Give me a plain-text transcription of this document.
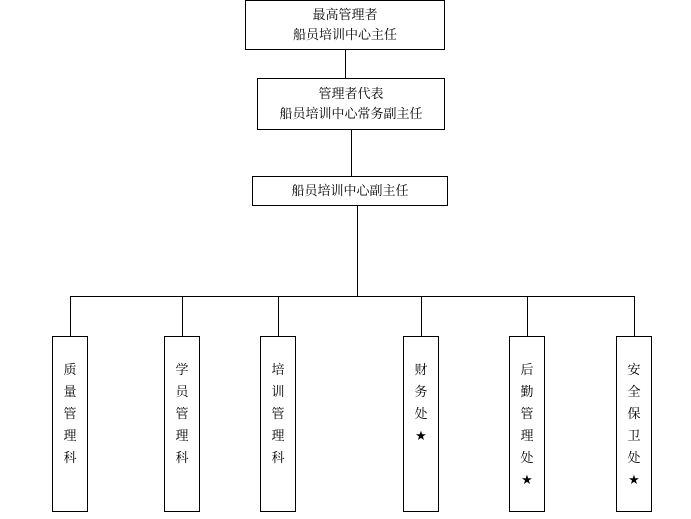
最高管理者
船员培训中心主任
管理者代表
船员培训中心常务副主任
船员培训中心副主任
质
量
管
理
科
学
员
管
理
科
培
训
管
理
科
财
务
处
★
后
勤
管
理
处
★
安
全
保
卫
处
★
